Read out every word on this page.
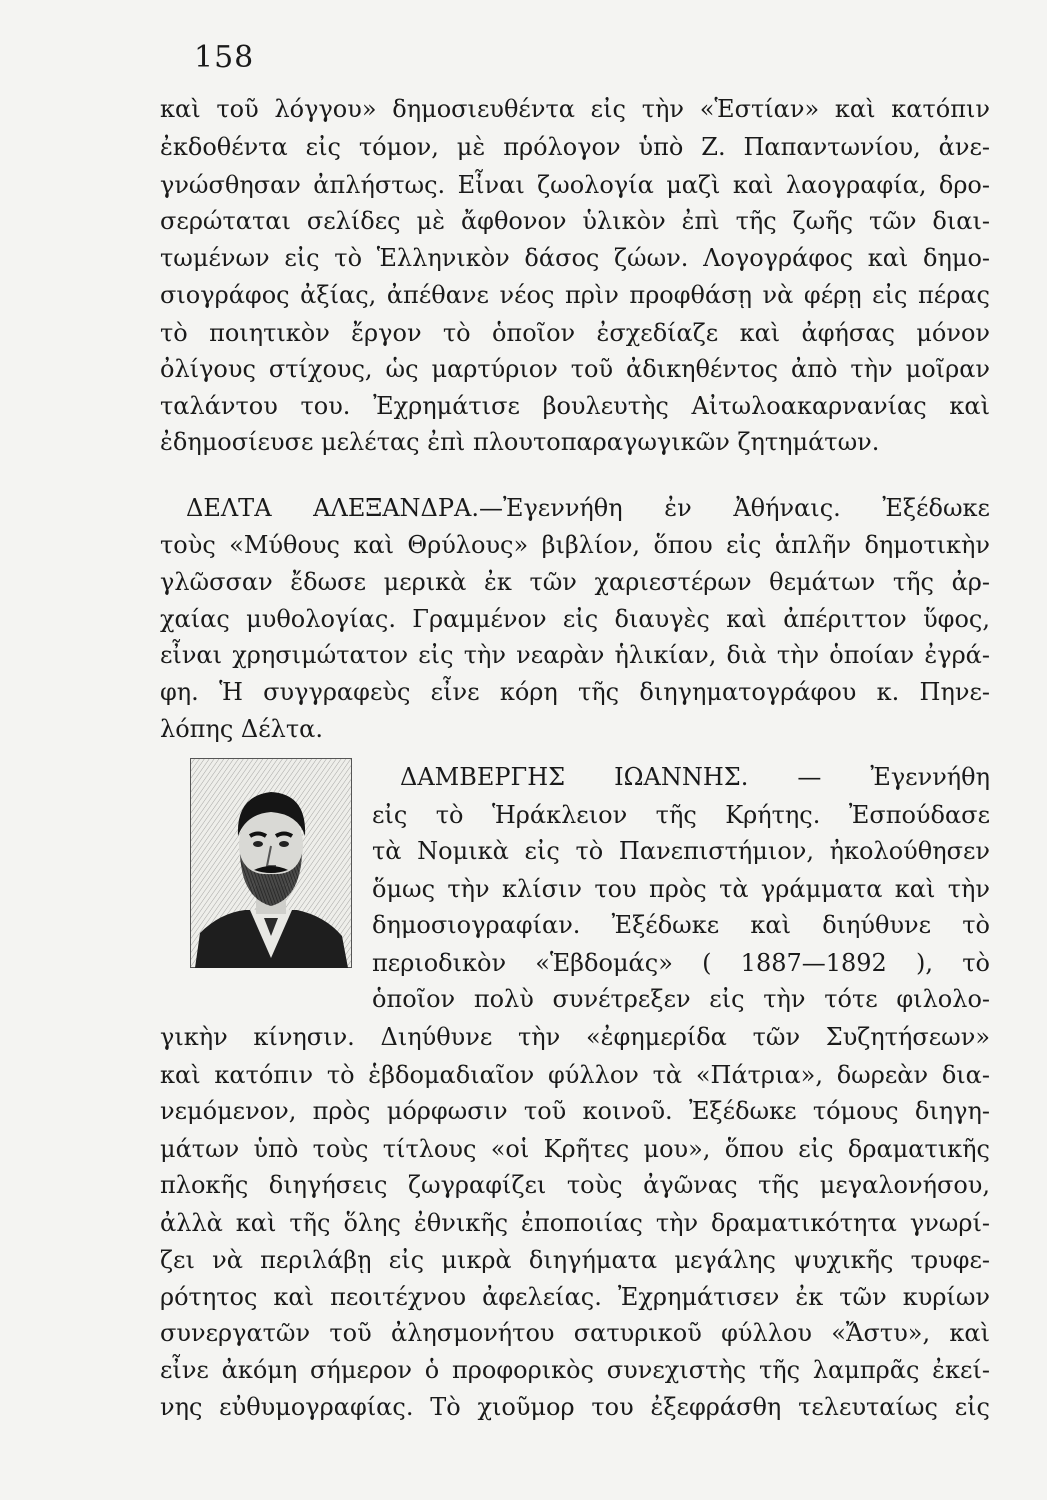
158
καὶ τοῦ λόγγου» δημοσιευθέντα εἰς τὴν «Ἑστίαν» καὶ κατόπιν
ἐκδοθέντα εἰς τόμον, μὲ πρόλογον ὑπὸ Ζ. Παπαντωνίου, ἀνε-
γνώσθησαν ἀπλήστως. Εἶναι ζωολογία μαζὶ καὶ λαογραφία, δρο-
σερώταται σελίδες μὲ ἄφθονον ὑλικὸν ἐπὶ τῆς ζωῆς τῶν διαι-
τωμένων εἰς τὸ Ἑλληνικὸν δάσος ζώων. Λογογράφος καὶ δημο-
σιογράφος ἀξίας, ἀπέθανε νέος πρὶν προφθάσῃ νὰ φέρῃ εἰς πέρας
τὸ ποιητικὸν ἔργον τὸ ὁποῖον ἐσχεδίαζε καὶ ἀφήσας μόνον
ὀλίγους στίχους, ὡς μαρτύριον τοῦ ἀδικηθέντος ἀπὸ τὴν μοῖραν
ταλάντου του. Ἐχρημάτισε βουλευτὴς Αἰτωλοακαρνανίας καὶ
ἐδημοσίευσε μελέτας ἐπὶ πλουτοπαραγωγικῶν ζητημάτων.
ΔΕΛΤΑ ΑΛΕΞΑΝΔΡΑ.—Ἐγεννήθη ἐν Ἀθήναις. Ἐξέδωκε
τοὺς «Μύθους καὶ Θρύλους» βιβλίον, ὅπου εἰς ἁπλῆν δημοτικὴν
γλῶσσαν ἔδωσε μερικὰ ἐκ τῶν χαριεστέρων θεμάτων τῆς ἀρ-
χαίας μυθολογίας. Γραμμένον εἰς διαυγὲς καὶ ἀπέριττον ὕφος,
εἶναι χρησιμώτατον εἰς τὴν νεαρὰν ἡλικίαν, διὰ τὴν ὁποίαν ἐγρά-
φη. Ἡ συγγραφεὺς εἶνε κόρη τῆς διηγηματογράφου κ. Πηνε-
λόπης Δέλτα.
ΔΑΜΒΕΡΓΗΣ ΙΩΑΝΝΗΣ. — Ἐγεννήθη
εἰς τὸ Ἡράκλειον τῆς Κρήτης. Ἐσπούδασε
τὰ Νομικὰ εἰς τὸ Πανεπιστήμιον, ἠκολούθησεν
ὅμως τὴν κλίσιν του πρὸς τὰ γράμματα καὶ τὴν
δημοσιογραφίαν. Ἐξέδωκε καὶ διηύθυνε τὸ
περιοδικὸν «Ἑβδομάς» ( 1887—1892 ), τὸ
ὁποῖον πολὺ συνέτρεξεν εἰς τὴν τότε φιλολο-
γικὴν κίνησιν. Διηύθυνε τὴν «ἐφημερίδα τῶν Συζητήσεων»
καὶ κατόπιν τὸ ἑβδομαδιαῖον φύλλον τὰ «Πάτρια», δωρεὰν δια-
νεμόμενον, πρὸς μόρφωσιν τοῦ κοινοῦ. Ἐξέδωκε τόμους διηγη-
μάτων ὑπὸ τοὺς τίτλους «οἱ Κρῆτες μου», ὅπου εἰς δραματικῆς
πλοκῆς διηγήσεις ζωγραφίζει τοὺς ἀγῶνας τῆς μεγαλονήσου,
ἀλλὰ καὶ τῆς ὅλης ἐθνικῆς ἐποποιίας τὴν δραματικότητα γνωρί-
ζει νὰ περιλάβῃ εἰς μικρὰ διηγήματα μεγάλης ψυχικῆς τρυφε-
ρότητος καὶ πεοιτέχνου ἀφελείας. Ἐχρημάτισεν ἐκ τῶν κυρίων
συνεργατῶν τοῦ ἀλησμονήτου σατυρικοῦ φύλλου «Ἄστυ», καὶ
εἶνε ἀκόμη σήμερον ὁ προφορικὸς συνεχιστὴς τῆς λαμπρᾶς ἐκεί-
νης εὐθυμογραφίας. Τὸ χιοῦμορ του ἐξεφράσθη τελευταίως εἰς
